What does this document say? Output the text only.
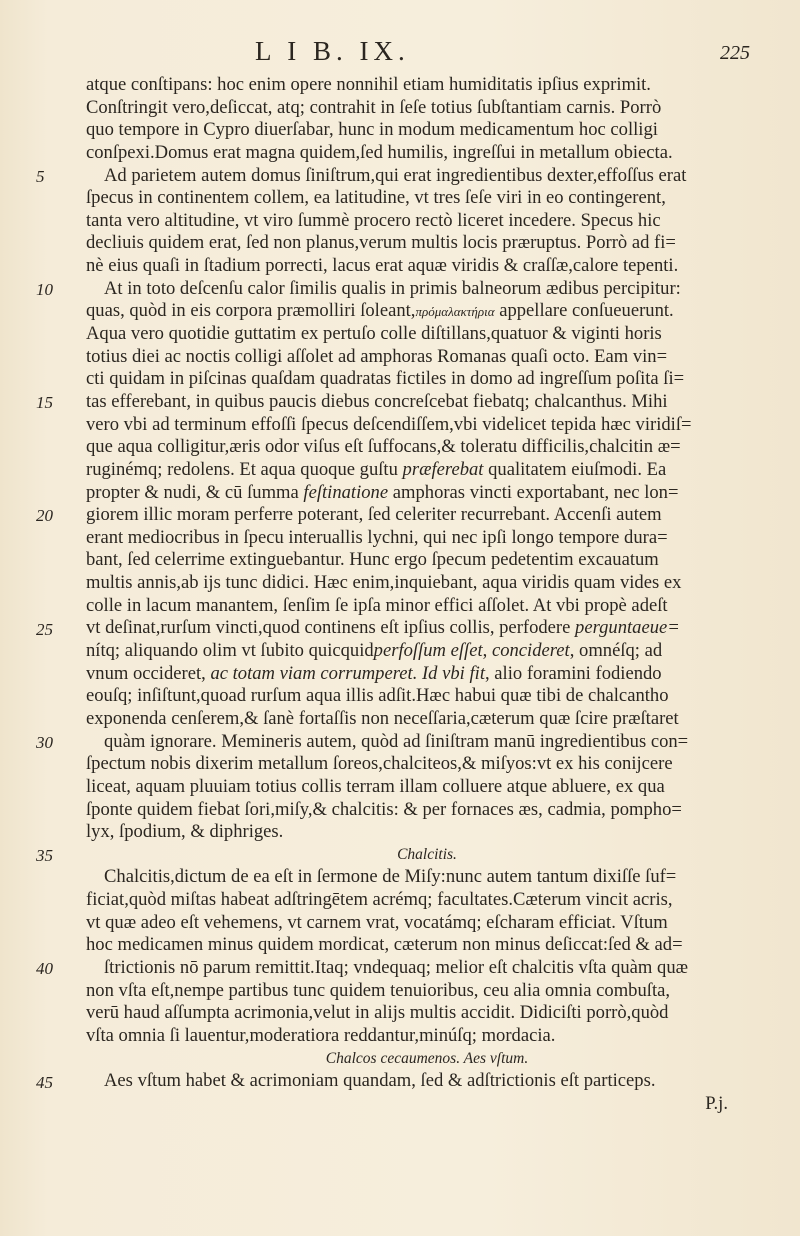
L I B. IX.	225
5
10
15
20
25
30
35
40
45
atque conſtipans: hoc enim opere nonnihil etiam humiditatis ipſius exprimit.
Conſtringit vero,deſiccat, atq; contrahit in ſeſe totius ſubſtantiam carnis. Porrò
quo tempore in Cypro diuerſabar, hunc in modum medicamentum hoc colligi
conſpexi.Domus erat magna quidem,ſed humilis, ingreſſui in metallum obiecta.
Ad parietem autem domus ſiniſtrum,qui erat ingredientibus dexter,effoſſus erat
ſpecus in continentem collem, ea latitudine, vt tres ſeſe viri in eo contingerent,
tanta vero altitudine, vt viro ſummè procero rectò liceret incedere. Specus hic
decliuis quidem erat, ſed non planus,verum multis locis præruptus. Porrò ad fi=
nè eius quaſi in ſtadium porrecti, lacus erat aquæ viridis & craſſæ,calore tepenti.
At in toto deſcenſu calor ſimilis qualis in primis balneorum ædibus percipitur:
quas, quòd in eis corpora præmolliri ſoleant,πρόμαλακτήρια appellare conſueuerunt.
Aqua vero quotidie guttatim ex pertuſo colle diſtillans,quatuor & viginti horis
totius diei ac noctis colligi aſſolet ad amphoras Romanas quaſi octo. Eam vin=
cti quidam in piſcinas quaſdam quadratas fictiles in domo ad ingreſſum poſita ſi=
tas efferebant, in quibus paucis diebus concreſcebat fiebatq; chalcanthus. Mihi
vero vbi ad terminum effoſſi ſpecus deſcendiſſem,vbi videlicet tepida hæc viridiſ=
que aqua colligitur,æris odor viſus eſt ſuffocans,& toleratu difficilis,chalcitin æ=
ruginémq; redolens. Et aqua quoque guſtu præferebat qualitatem eiuſmodi. Ea
propter & nudi, & cū ſumma feſtinatione amphoras vincti exportabant, nec lon=
giorem illic moram perferre poterant, ſed celeriter recurrebant. Accenſi autem
erant mediocribus in ſpecu interuallis lychni, qui nec ipſi longo tempore dura=
bant, ſed celerrime extinguebantur. Hunc ergo ſpecum pedetentim excauatum
multis annis,ab ijs tunc didici. Hæc enim,inquiebant, aqua viridis quam vides ex
colle in lacum manantem, ſenſim ſe ipſa minor effici aſſolet. At vbi propè adeſt
vt deſinat,rurſum vincti,quod continens eſt ipſius collis, perfodere perguntaeue=
nítq; aliquando olim vt ſubito quicquidperfoſſum eſſet, concideret, omnéſq; ad
vnum occideret, ac totam viam corrumperet. Id vbi fit, alio foramini fodiendo
eouſq; inſiſtunt,quoad rurſum aqua illis adſit.Hæc habui quæ tibi de chalcantho
exponenda cenſerem,& ſanè fortaſſis non neceſſaria,cæterum quæ ſcire præſtaret
quàm ignorare. Memineris autem, quòd ad ſiniſtram manū ingredientibus con=
ſpectum nobis dixerim metallum ſoreos,chalciteos,& miſyos:vt ex his conijcere
liceat, aquam pluuiam totius collis terram illam colluere atque abluere, ex qua
ſponte quidem fiebat ſori,miſy,& chalcitis: & per fornaces æs, cadmia, pompho=
lyx, ſpodium, & diphriges.
Chalcitis.
Chalcitis,dictum de ea eſt in ſermone de Miſy:nunc autem tantum dixiſſe ſuf=
ficiat,quòd miſtas habeat adſtringētem acrémq; facultates.Cæterum vincit acris,
vt quæ adeo eſt vehemens, vt carnem vrat, vocatámq; eſcharam efficiat. Vſtum
hoc medicamen minus quidem mordicat, cæterum non minus deſiccat:ſed & ad=
ſtrictionis nō parum remittit.Itaq; vndequaq; melior eſt chalcitis vſta quàm quæ
non vſta eſt,nempe partibus tunc quidem tenuioribus, ceu alia omnia combuſta,
verū haud aſſumpta acrimonia,velut in alijs multis accidit. Didiciſti porrò,quòd
vſta omnia ſi lauentur,moderatiora reddantur,minúſq; mordacia.
Chalcos cecaumenos. Aes vſtum.
Aes vſtum habet & acrimoniam quandam, ſed & adſtrictionis eſt particeps.
P.j.
